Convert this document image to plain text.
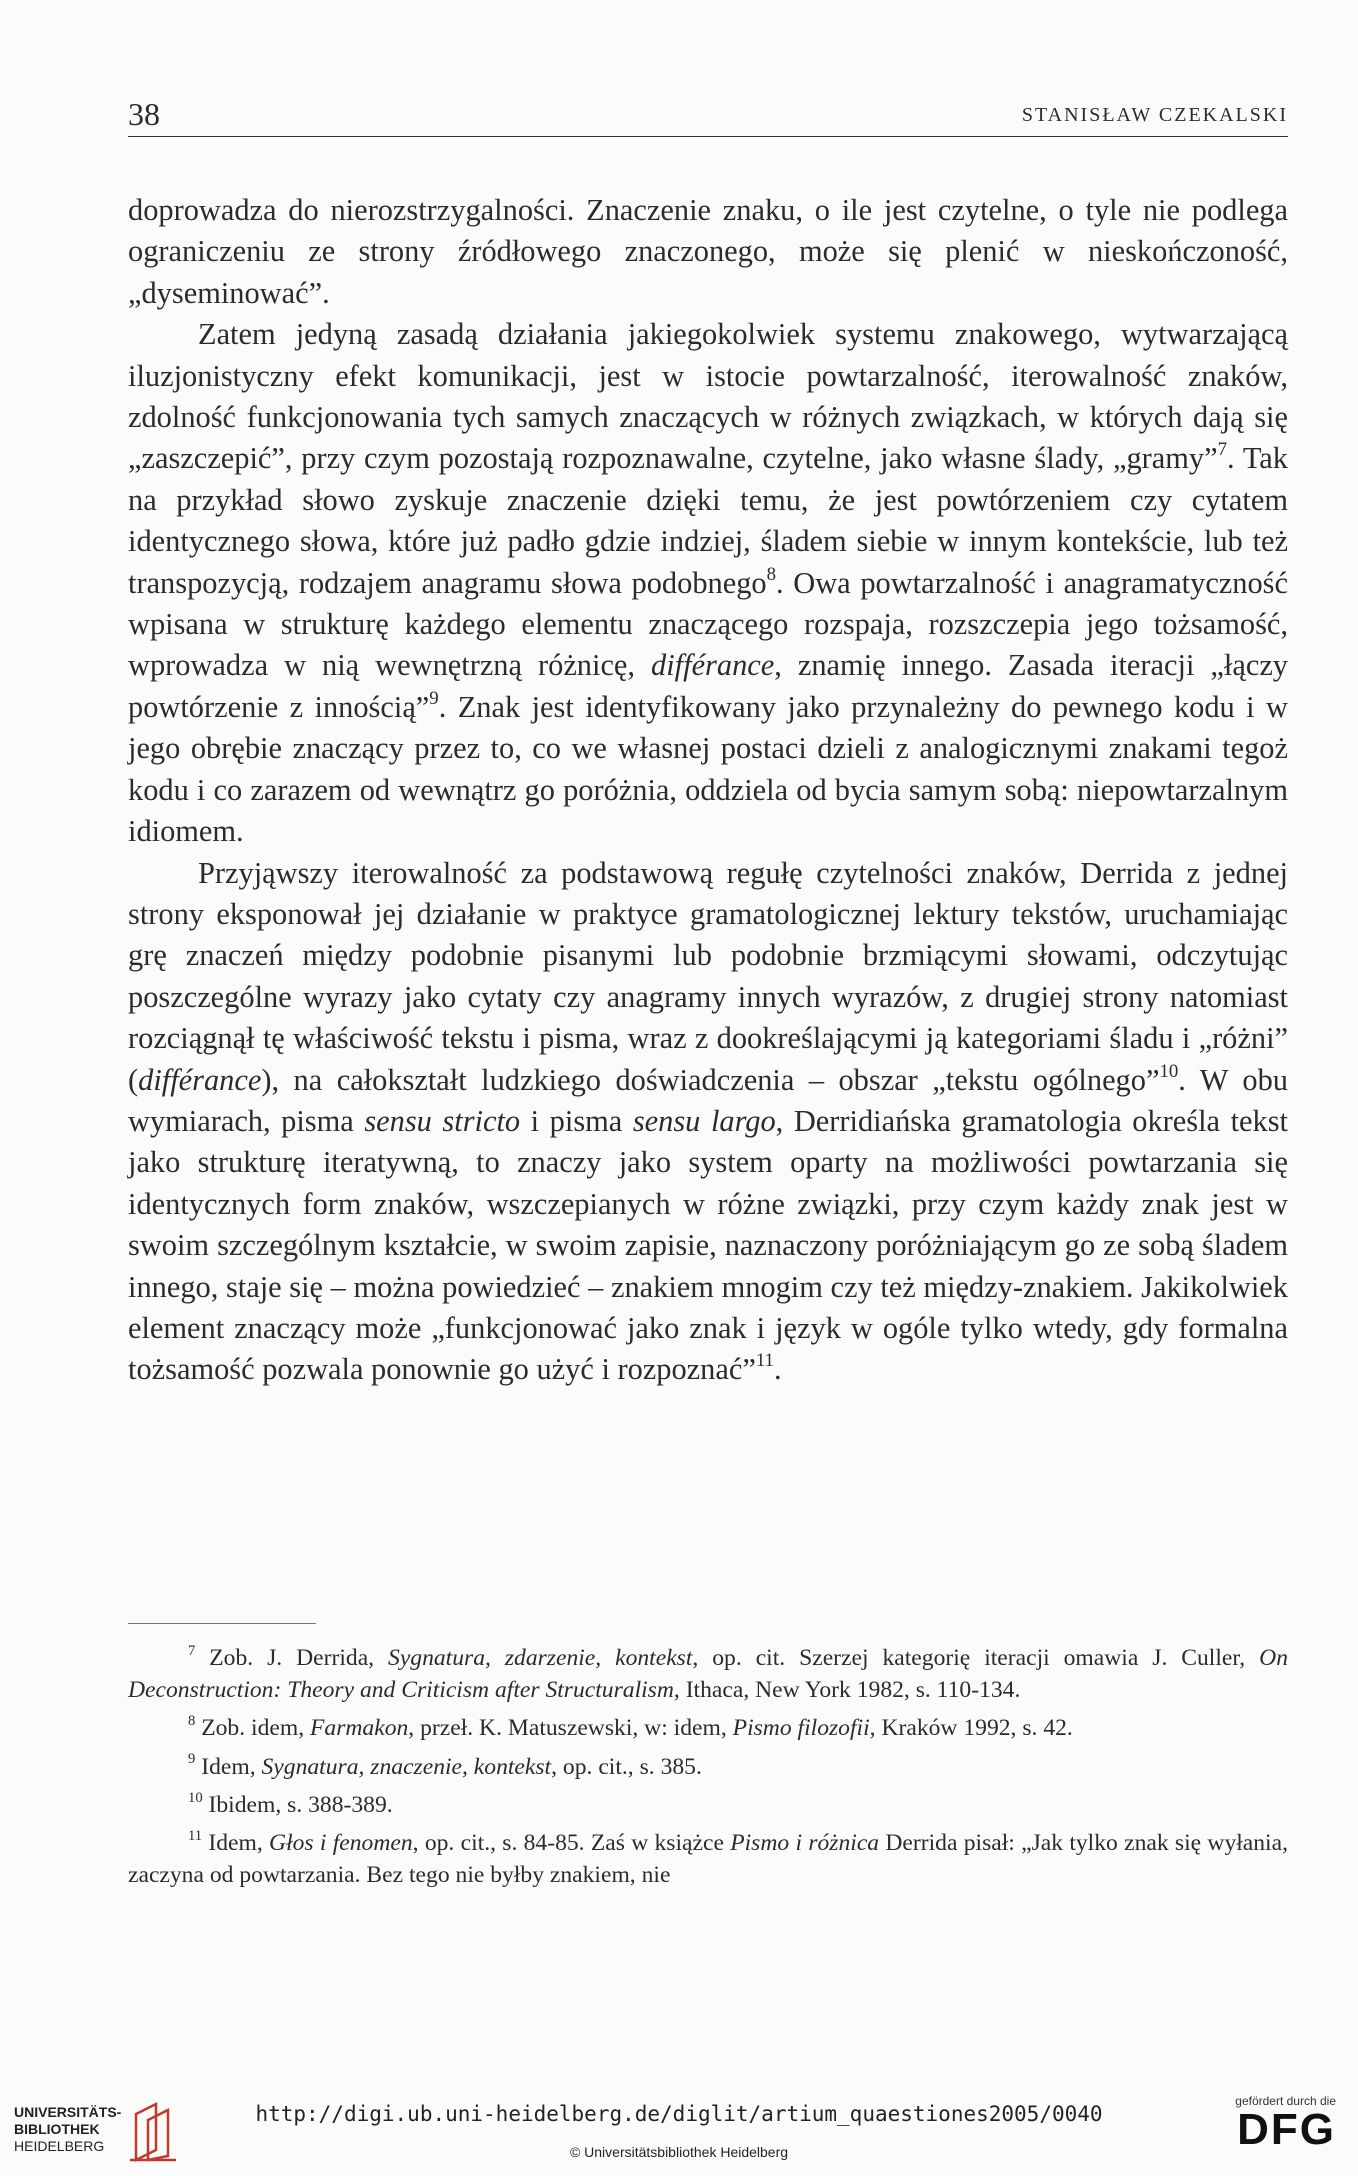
38	STANISŁAW CZEKALSKI

doprowadza do nierozstrzygalności. Znaczenie znaku, o ile jest czytelne, o tyle nie podlega ograniczeniu ze strony źródłowego znaczonego, może się plenić w nieskończoność, „dyseminować”.

Zatem jedyną zasadą działania jakiegokolwiek systemu znakowego, wytwarzającą iluzjonistyczny efekt komunikacji, jest w istocie powtarzalność, iterowalność znaków, zdolność funkcjonowania tych samych znaczących w różnych związkach, w których dają się „zaszczepić”, przy czym pozostają rozpoznawalne, czytelne, jako własne ślady, „gramy”$^7$. Tak na przykład słowo zyskuje znaczenie dzięki temu, że jest powtórzeniem czy cytatem identycznego słowa, które już padło gdzie indziej, śladem siebie w innym kontekście, lub też transpozycją, rodzajem anagramu słowa podobnego$^8$. Owa powtarzalność i anagramatyczność wpisana w strukturę każdego elementu znaczącego rozspaja, rozszczepia jego tożsamość, wprowadza w nią wewnętrzną różnicę, différance, znamię innego. Zasada iteracji „łączy powtórzenie z innością”$^9$. Znak jest identyfikowany jako przynależny do pewnego kodu i w jego obrębie znaczący przez to, co we własnej postaci dzieli z analogicznymi znakami tegoż kodu i co zarazem od wewnątrz go poróżnia, oddziela od bycia samym sobą: niepowtarzalnym idiomem.

Przyjąwszy iterowalność za podstawową regułę czytelności znaków, Derrida z jednej strony eksponował jej działanie w praktyce gramatologicznej lektury tekstów, uruchamiając grę znaczeń między podobnie pisanymi lub podobnie brzmiącymi słowami, odczytując poszczególne wyrazy jako cytaty czy anagramy innych wyrazów, z drugiej strony natomiast rozciągnął tę właściwość tekstu i pisma, wraz z dookreślającymi ją kategoriami śladu i „różni” (différance), na całokształt ludzkiego doświadczenia – obszar „tekstu ogólnego”$^{10}$. W obu wymiarach, pisma sensu stricto i pisma sensu largo, Derridiańska gramatologia określa tekst jako strukturę iteratywną, to znaczy jako system oparty na możliwości powtarzania się identycznych form znaków, wszczepianych w różne związki, przy czym każdy znak jest w swoim szczególnym kształcie, w swoim zapisie, naznaczony poróżniającym go ze sobą śladem innego, staje się – można powiedzieć – znakiem mnogim czy też między-znakiem. Jakikolwiek element znaczący może „funkcjonować jako znak i język w ogóle tylko wtedy, gdy formalna tożsamość pozwala ponownie go użyć i rozpoznać”$^{11}$.

$^7$ Zob. J. Derrida, Sygnatura, zdarzenie, kontekst, op. cit. Szerzej kategorię iteracji omawia J. Culler, On Deconstruction: Theory and Criticism after Structuralism, Ithaca, New York 1982, s. 110-134.

$^8$ Zob. idem, Farmakon, przeł. K. Matuszewski, w: idem, Pismo filozofii, Kraków 1992, s. 42.

$^9$ Idem, Sygnatura, znaczenie, kontekst, op. cit., s. 385.

$^{10}$ Ibidem, s. 388-389.

$^{11}$ Idem, Głos i fenomen, op. cit., s. 84-85. Zaś w książce Pismo i różnica Derrida pisał: „Jak tylko znak się wyłania, zaczyna od powtarzania. Bez tego nie byłby znakiem, nie

UNIVERSITÄTS-
BIBLIOTHEK
HEIDELBERG
http://digi.ub.uni-heidelberg.de/diglit/artium_quaestiones2005/0040
© Universitätsbibliothek Heidelberg
gefördert durch die
DFG
